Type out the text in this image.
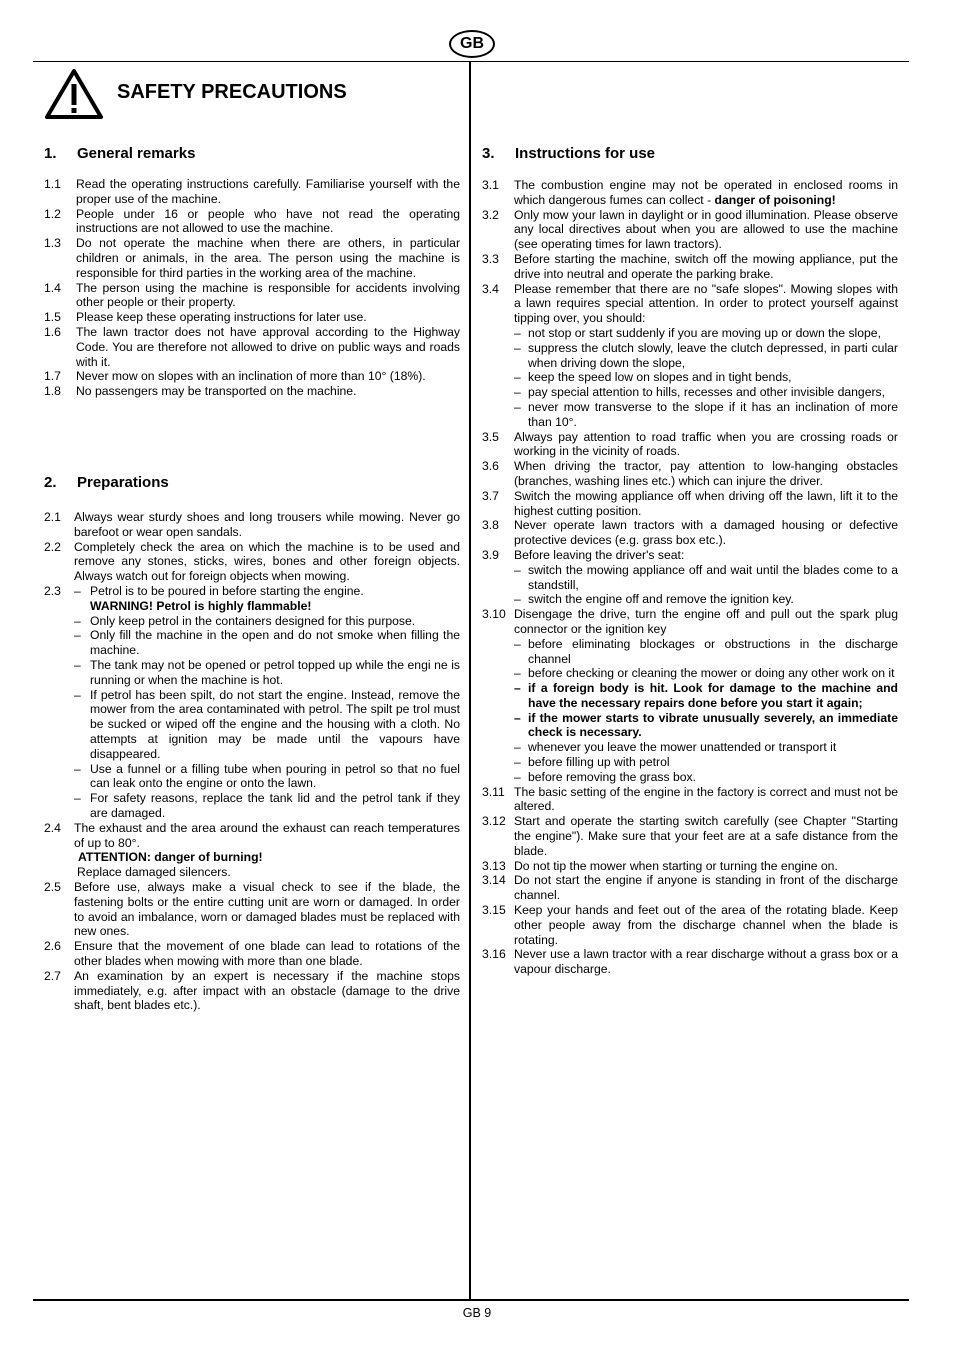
GB
SAFETY PRECAUTIONS
1. General remarks
1.1	Read the operating instructions carefully. Familiarise yourself with the proper use of the machine.
1.2	People under 16 or people who have not read the operating instructions are not allowed to use the machine.
1.3	Do not operate the machine when there are others, in particular children or animals, in the area. The person using the machine is responsible for third parties in the working area of the machine.
1.4	The person using the machine is responsible for accidents involving other people or their property.
1.5	Please keep these operating instructions for later use.
1.6	The lawn tractor does not have approval according to the Highway Code. You are therefore not allowed to drive on public ways and roads with it.
1.7	Never mow on slopes with an inclination of more than 10° (18%).
1.8	No passengers may be transported on the machine.
2. Preparations
2.1	Always wear sturdy shoes and long trousers while mowing. Never go barefoot or wear open sandals.
2.2	Completely check the area on which the machine is to be used and remove any stones, sticks, wires, bones and other foreign objects. Always watch out for foreign objects when mowing.
2.3	– Petrol is to be poured in before starting the engine.
WARNING! Petrol is highly flammable!
– Only keep petrol in the containers designed for this purpose.
– Only fill the machine in the open and do not smoke when filling the machine.
– The tank may not be opened or petrol topped up while the engi ne is running or when the machine is hot.
– If petrol has been spilt, do not start the engine. Instead, remove the mower from the area contaminated with petrol. The spilt pe trol must be sucked or wiped off the engine and the housing with a cloth. No attempts at ignition may be made until the vapours have disappeared.
– Use a funnel or a filling tube when pouring in petrol so that no fuel can leak onto the engine or onto the lawn.
– For safety reasons, replace the tank lid and the petrol tank if they are damaged.
2.4	The exhaust and the area around the exhaust can reach temperatures of up to 80°.
ATTENTION: danger of burning!
Replace damaged silencers.
2.5	Before use, always make a visual check to see if the blade, the fastening bolts or the entire cutting unit are worn or damaged. In order to avoid an imbalance, worn or damaged blades must be replaced with new ones.
2.6	Ensure that the movement of one blade can lead to rotations of the other blades when mowing with more than one blade.
2.7	An examination by an expert is necessary if the machine stops immediately, e.g. after impact with an obstacle (damage to the drive shaft, bent blades etc.).
3. Instructions for use
3.1	The combustion engine may not be operated in enclosed rooms in which dangerous fumes can collect - danger of poisoning!
3.2	Only mow your lawn in daylight or in good illumination. Please observe any local directives about when you are allowed to use the machine (see operating times for lawn tractors).
3.3	Before starting the machine, switch off the mowing appliance, put the drive into neutral and operate the parking brake.
3.4	Please remember that there are no "safe slopes". Mowing slopes with a lawn requires special attention. In order to protect yourself against tipping over, you should:
– not stop or start suddenly if you are moving up or down the slope,
– suppress the clutch slowly, leave the clutch depressed, in parti cular when driving down the slope,
– keep the speed low on slopes and in tight bends,
– pay special attention to hills, recesses and other invisible dangers,
– never mow transverse to the slope if it has an inclination of more than 10°.
3.5	Always pay attention to road traffic when you are crossing roads or working in the vicinity of roads.
3.6	When driving the tractor, pay attention to low-hanging obstacles (branches, washing lines etc.) which can injure the driver.
3.7	Switch the mowing appliance off when driving off the lawn, lift it to the highest cutting position.
3.8	Never operate lawn tractors with a damaged housing or defective protective devices (e.g. grass box etc.).
3.9	Before leaving the driver's seat:
– switch the mowing appliance off and wait until the blades come to a standstill,
– switch the engine off and remove the ignition key.
3.10 Disengage the drive, turn the engine off and pull out the spark plug connector or the ignition key
– before eliminating blockages or obstructions in the discharge channel
– before checking or cleaning the mower or doing any other work on it
– if a foreign body is hit. Look for damage to the machine and have the necessary repairs done before you start it again;
– if the mower starts to vibrate unusually severely, an immediate check is necessary.
– whenever you leave the mower unattended or transport it
– before filling up with petrol
– before removing the grass box.
3.11 The basic setting of the engine in the factory is correct and must not be altered.
3.12 Start and operate the starting switch carefully (see Chapter "Starting the engine"). Make sure that your feet are at a safe distance from the blade.
3.13 Do not tip the mower when starting or turning the engine on.
3.14 Do not start the engine if anyone is standing in front of the discharge channel.
3.15 Keep your hands and feet out of the area of the rotating blade. Keep other people away from the discharge channel when the blade is rotating.
3.16 Never use a lawn tractor with a rear discharge without a grass box or a vapour discharge.
GB 9
